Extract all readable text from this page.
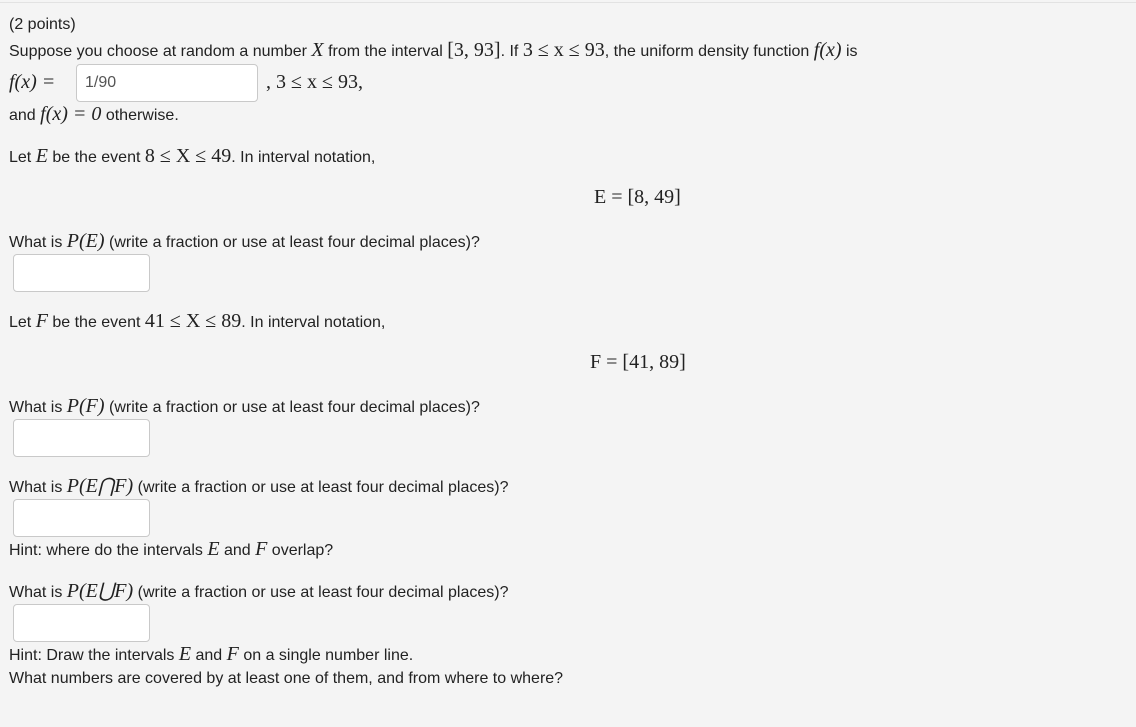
(2 points)
Suppose you choose at random a number X from the interval [3, 93]. If 3 ≤ x ≤ 93, the uniform density function f(x) is
f(x) =
1/90	, 3 ≤ x ≤ 93,
and f(x) = 0 otherwise.
Let E be the event 8 ≤ X ≤ 49. In interval notation,
E = [8, 49]
What is P(E) (write a fraction or use at least four decimal places)?
Let F be the event 41 ≤ X ≤ 89. In interval notation,
F = [41, 89]
What is P(F) (write a fraction or use at least four decimal places)?
What is P(E⋂F) (write a fraction or use at least four decimal places)?
Hint: where do the intervals E and F overlap?
What is P(E⋃F) (write a fraction or use at least four decimal places)?
Hint: Draw the intervals E and F on a single number line.
What numbers are covered by at least one of them, and from where to where?
